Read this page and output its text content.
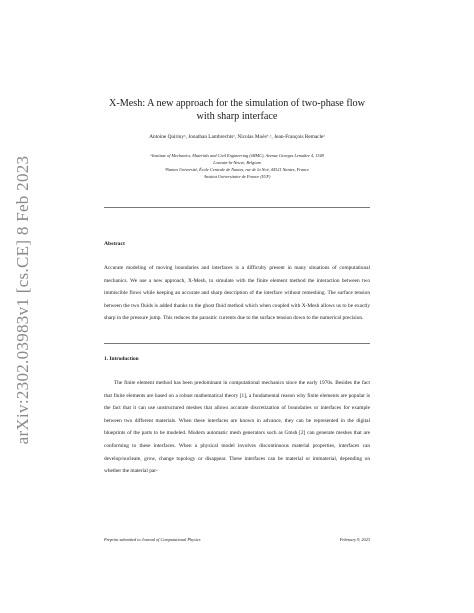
arXiv:2302.03983v1 [cs.CE] 8 Feb 2023
X-Mesh: A new approach for the simulation of two-phase flow with sharp interface
Antoine Quirinyᵃ, Jonathan Lambrechtsᵃ, Nicolas Moësᵇ˒ᶜ, Jean-François Remacleᵃ
ᵃInstitute of Mechanics, Materials and Civil Engineering (iMMC), Avenue Georges Lemaître 4, 1348
Louvain-la-Neuve, Belgium
ᵇNantes Université, École Centrale de Nantes, rue de la Noë, 44321 Nantes, France
ᶜInstitut Universitaire de France (IUF)
Abstract
Accurate modeling of moving boundaries and interfaces is a difficulty present in many situations of computational mechanics. We use a new approach, X-Mesh, to simulate with the finite element method the interaction between two immiscible flows while keeping an accurate and sharp description of the interface without remeshing. The surface tension between the two fluids is added thanks to the ghost fluid method which when coupled with X-Mesh allows us to be exactly sharp in the pressure jump. This reduces the parasitic currents due to the surface tension down to the numerical precision.
1. Introduction
The finite element method has been predominant in computational mechanics since the early 1970s. Besides the fact that finite elements are based on a robust mathematical theory [1], a fundamental reason why finite elements are popular is the fact that it can use unstructured meshes that allows accurate discretization of boundaries or interfaces for example between two different materials. When these interfaces are known in advance, they can be represented in the digital blueprints of the parts to be modeled. Modern automatic mesh generators such as Gmsh [2] can generate meshes that are conforming to these interfaces. When a physical model involves discontinuous material properties, interfaces can develop/nucleate, grow, change topology or disappear. These interfaces can be material or immaterial, depending on whether the material par-
Preprint submitted to Journal of Computational Physics	February 9, 2023
